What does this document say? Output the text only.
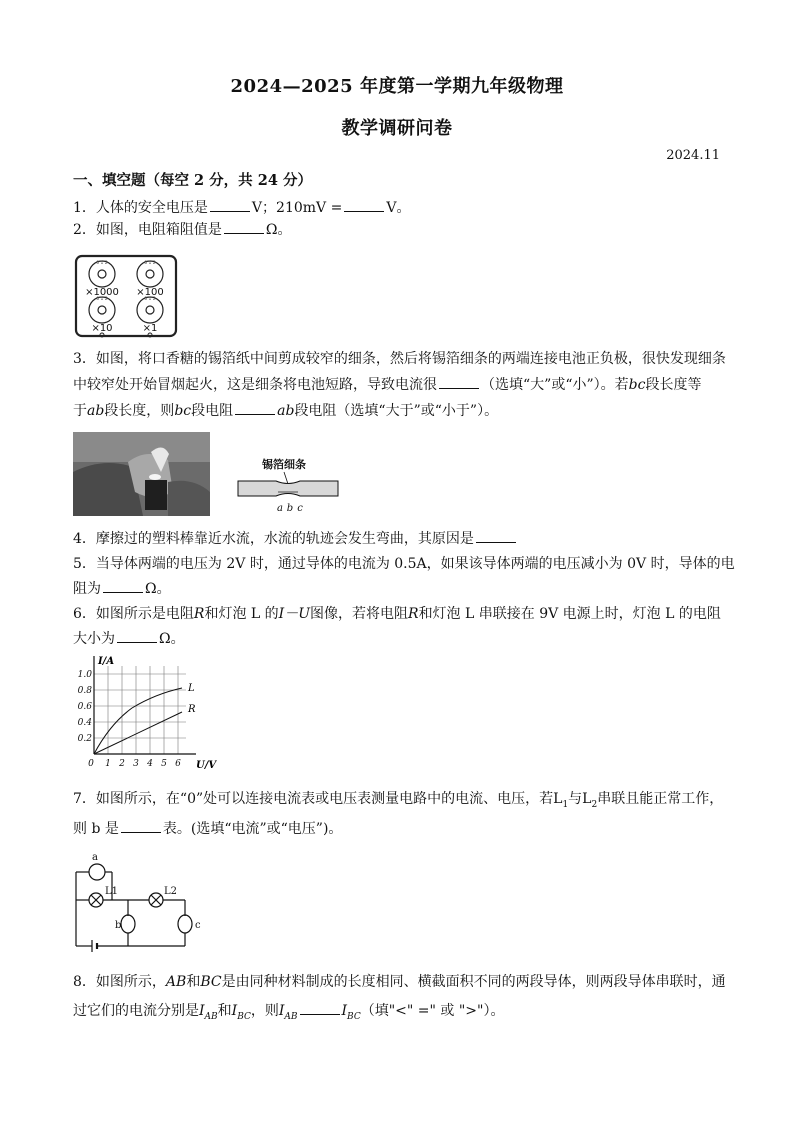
2024—2025 年度第一学期九年级物理
教学调研问卷
2024.11
一、填空题（每空 2 分，共 24 分）
1．人体的安全电压是	V；210mV =	V。
2．如图，电阻箱阻值是	Ω。
0 1 2	0 1 2
0 1 2	0 1 2
×1000 ×100
×10	×1
3．如图，将口香糖的锡箔纸中间剪成较窄的细条，然后将锡箔细条的两端连接电池正负极，很快发现细条
中较窄处开始冒烟起火，这是细条将电池短路，导致电流很	（选填“大”或“小”）。若bc段长度等
于ab段长度，则bc段电阻	ab段电阻（选填“大于”或“小于”）。
锡箔细条
a b c
4．摩擦过的塑料棒靠近水流，水流的轨迹会发生弯曲，其原因是
5．当导体两端的电压为 2V 时，通过导体的电流为 0.5A，如果该导体两端的电压减小为 0V 时，导体的电
阻为	Ω。
6．如图所示是电阻R和灯泡 L 的I－U图像，若将电阻R和灯泡 L 串联接在 9V 电源上时，灯泡 L 的电阻
大小为	Ω。
I/A
1.0
0.8
0.6
0.4
0.2
0 1 2 3 4 5 6 U/V
L
R
7．如图所示，在“0”处可以连接电流表或电压表测量电路中的电流、电压，若$L_1$与$L_2$串联且能正常工作，
则 b 是	表。(选填“电流”或“电压”)。
a
L1	L2
b	c
8．如图所示，AB和BC是由同种材料制成的长度相同、横截面积不同的两段导体，则两段导体串联时，通
过它们的电流分别是$I_{AB}$和$I_{BC}$，则$I_{AB}$	$I_{BC}$（填"<" =" 或 ">"）。
